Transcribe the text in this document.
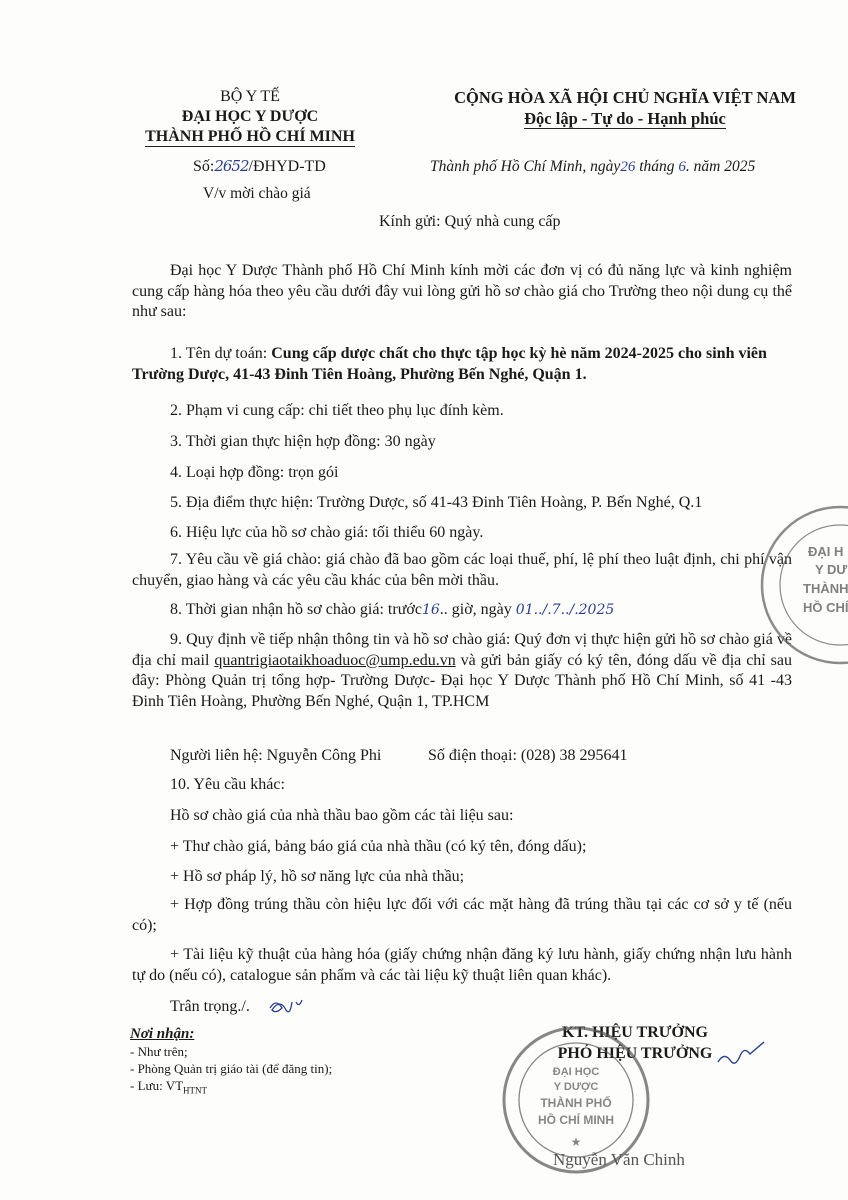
BỘ Y TẾ
ĐẠI HỌC Y DƯỢC
THÀNH PHỐ HỒ CHÍ MINH
CỘNG HÒA XÃ HỘI CHỦ NGHĨA VIỆT NAM
Độc lập - Tự do - Hạnh phúc
Số:2652/ĐHYD-TD
V/v mời chào giá
Thành phố Hồ Chí Minh, ngày26 tháng 6. năm 2025
Kính gửi: Quý nhà cung cấp
Đại học Y Dược Thành phố Hồ Chí Minh kính mời các đơn vị có đủ năng lực và kinh nghiệm cung cấp hàng hóa theo yêu cầu dưới đây vui lòng gửi hồ sơ chào giá cho Trường theo nội dung cụ thể như sau:
1. Tên dự toán: Cung cấp dược chất cho thực tập học kỳ hè năm 2024-2025 cho sinh viên Trường Dược, 41-43 Đinh Tiên Hoàng, Phường Bến Nghé, Quận 1.
2. Phạm vi cung cấp: chi tiết theo phụ lục đính kèm.
3. Thời gian thực hiện hợp đồng: 30 ngày
4. Loại hợp đồng: trọn gói
5. Địa điểm thực hiện: Trường Dược, số 41-43 Đinh Tiên Hoàng, P. Bến Nghé, Q.1
6. Hiệu lực của hồ sơ chào giá: tối thiểu 60 ngày.
7. Yêu cầu về giá chào: giá chào đã bao gồm các loại thuế, phí, lệ phí theo luật định, chi phí vận chuyển, giao hàng và các yêu cầu khác của bên mời thầu.
8. Thời gian nhận hồ sơ chào giá: trước16.. giờ, ngày 01../.7../.2025
9. Quy định về tiếp nhận thông tin và hồ sơ chào giá: Quý đơn vị thực hiện gửi hồ sơ chào giá về địa chỉ mail quantrigiaotaikhoaduoc@ump.edu.vn và gửi bản giấy có ký tên, đóng dấu về địa chỉ sau đây: Phòng Quản trị tổng hợp- Trường Dược- Đại học Y Dược Thành phố Hồ Chí Minh, số 41 -43 Đinh Tiên Hoàng, Phường Bến Nghé, Quận 1, TP.HCM
Người liên hệ: Nguyễn Công Phi	Số điện thoại: (028) 38 295641
10. Yêu cầu khác:
Hồ sơ chào giá của nhà thầu bao gồm các tài liệu sau:
+ Thư chào giá, bảng báo giá của nhà thầu (có ký tên, đóng dấu);
+ Hồ sơ pháp lý, hồ sơ năng lực của nhà thầu;
+ Hợp đồng trúng thầu còn hiệu lực đối với các mặt hàng đã trúng thầu tại các cơ sở y tế (nếu có);
+ Tài liệu kỹ thuật của hàng hóa (giấy chứng nhận đăng ký lưu hành, giấy chứng nhận lưu hành tự do (nếu có), catalogue sản phẩm và các tài liệu kỹ thuật liên quan khác).
Trân trọng./.
Nơi nhận:
- Như trên;
- Phòng Quản trị giáo tài (để đăng tin);
- Lưu: $VT_{HTNT}$
KT. HIỆU TRƯỞNG
PHÓ HIỆU TRƯỞNG
Nguyễn Văn Chinh
ĐẠI H
Y DƯ
THÀNH
HỒ CHÍ
ĐẠI HỌC
Y DƯỢC
THÀNH PHỐ
HỒ CHÍ MINH
★
